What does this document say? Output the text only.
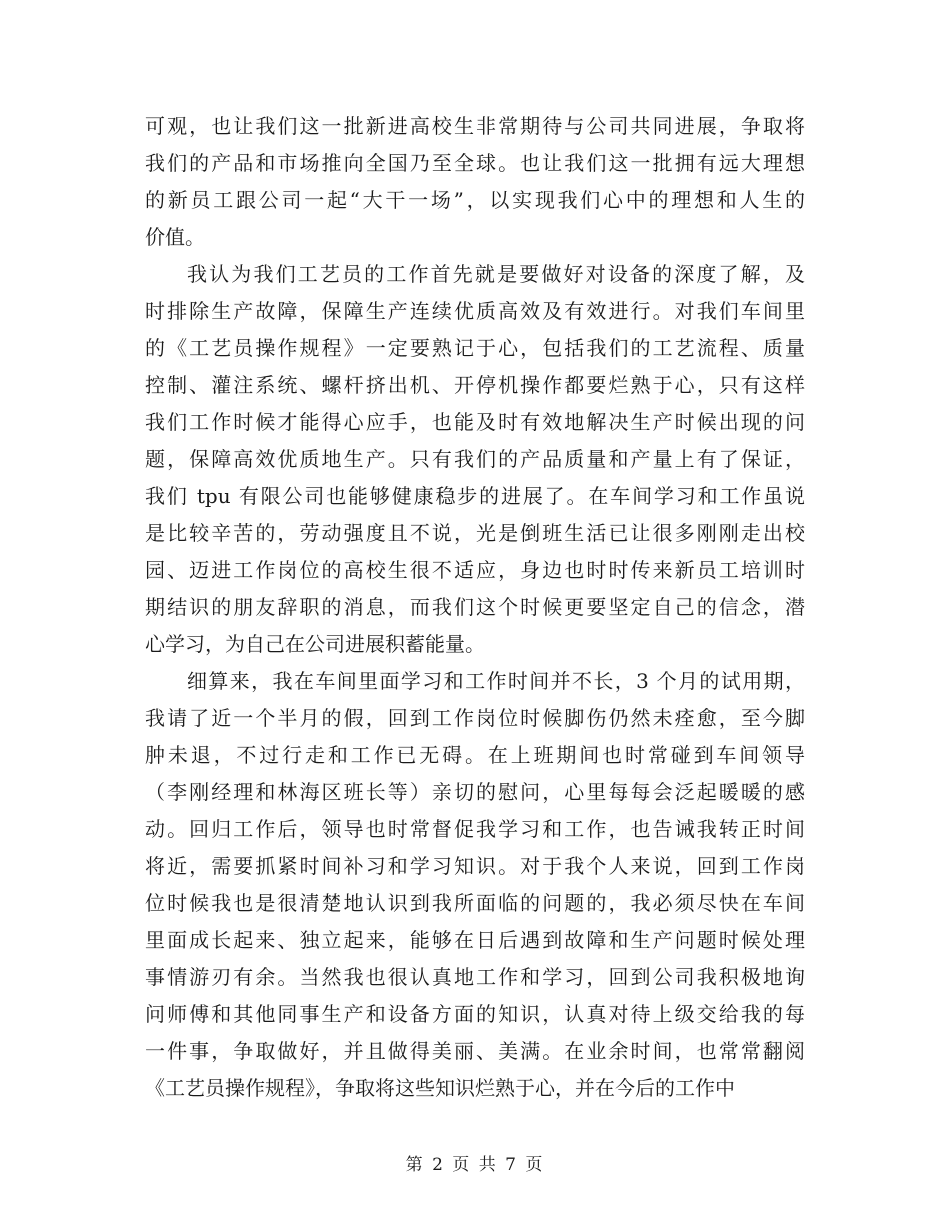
可观，也让我们这一批新进高校生非常期待与公司共同进展，争取将
我们的产品和市场推向全国乃至全球。也让我们这一批拥有远大理想
的新员工跟公司一起“大干一场”，以实现我们心中的理想和人生的
价值。
我认为我们工艺员的工作首先就是要做好对设备的深度了解，及
时排除生产故障，保障生产连续优质高效及有效进行。对我们车间里
的《工艺员操作规程》一定要熟记于心，包括我们的工艺流程、质量
控制、灌注系统、螺杆挤出机、开停机操作都要烂熟于心，只有这样
我们工作时候才能得心应手，也能及时有效地解决生产时候出现的问
题，保障高效优质地生产。只有我们的产品质量和产量上有了保证，
我们 tpu 有限公司也能够健康稳步的进展了。在车间学习和工作虽说
是比较辛苦的，劳动强度且不说，光是倒班生活已让很多刚刚走出校
园、迈进工作岗位的高校生很不适应，身边也时时传来新员工培训时
期结识的朋友辞职的消息，而我们这个时候更要坚定自己的信念，潜
心学习，为自己在公司进展积蓄能量。
细算来，我在车间里面学习和工作时间并不长，3 个月的试用期，
我请了近一个半月的假，回到工作岗位时候脚伤仍然未痊愈，至今脚
肿未退，不过行走和工作已无碍。在上班期间也时常碰到车间领导
（李刚经理和林海区班长等）亲切的慰问，心里每每会泛起暖暖的感
动。回归工作后，领导也时常督促我学习和工作，也告诫我转正时间
将近，需要抓紧时间补习和学习知识。对于我个人来说，回到工作岗
位时候我也是很清楚地认识到我所面临的问题的，我必须尽快在车间
里面成长起来、独立起来，能够在日后遇到故障和生产问题时候处理
事情游刃有余。当然我也很认真地工作和学习，回到公司我积极地询
问师傅和其他同事生产和设备方面的知识，认真对待上级交给我的每
一件事，争取做好，并且做得美丽、美满。在业余时间，也常常翻阅
《工艺员操作规程》，争取将这些知识烂熟于心，并在今后的工作中
第 2 页 共 7 页
